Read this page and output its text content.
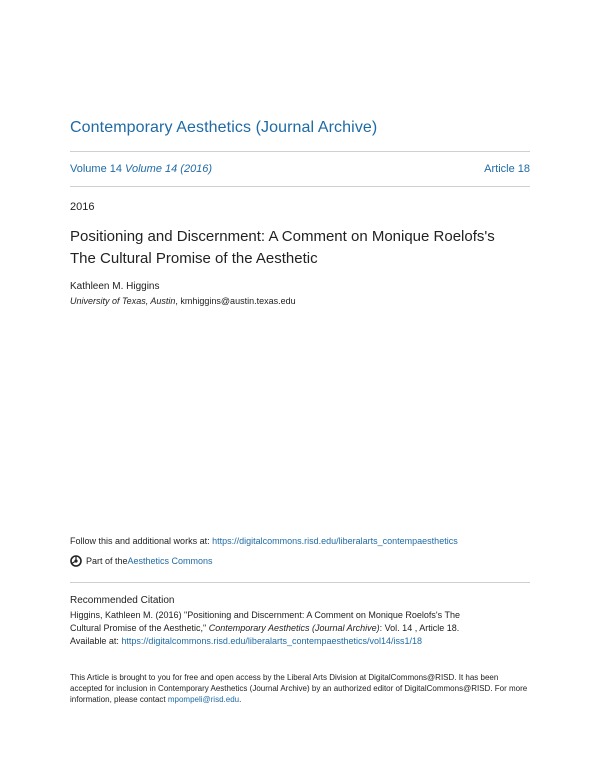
Contemporary Aesthetics (Journal Archive)
Volume 14 Volume 14 (2016)	Article 18
2016
Positioning and Discernment: A Comment on Monique Roelofs's
The Cultural Promise of the Aesthetic
Kathleen M. Higgins
University of Texas, Austin, kmhiggins@austin.texas.edu
Follow this and additional works at: https://digitalcommons.risd.edu/liberalarts_contempaesthetics
Part of the Aesthetics Commons
Recommended Citation
Higgins, Kathleen M. (2016) "Positioning and Discernment: A Comment on Monique Roelofs's The
Cultural Promise of the Aesthetic," Contemporary Aesthetics (Journal Archive): Vol. 14 , Article 18.
Available at: https://digitalcommons.risd.edu/liberalarts_contempaesthetics/vol14/iss1/18
This Article is brought to you for free and open access by the Liberal Arts Division at DigitalCommons@RISD. It has been accepted for inclusion in Contemporary Aesthetics (Journal Archive) by an authorized editor of DigitalCommons@RISD. For more information, please contact mpompeli@risd.edu.
